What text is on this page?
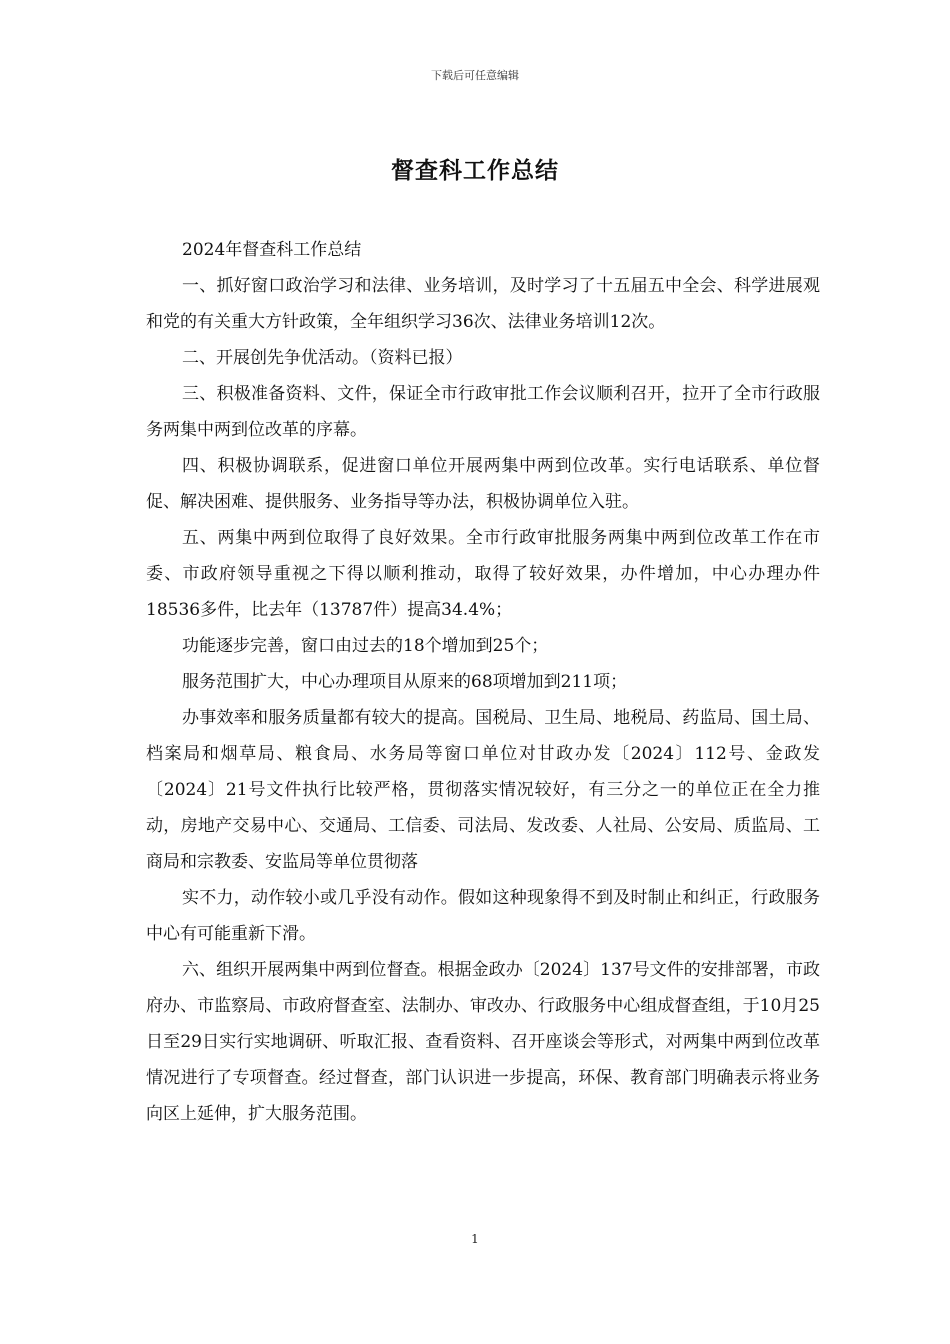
下载后可任意编辑
督查科工作总结

2024年督查科工作总结

一、抓好窗口政治学习和法律、业务培训，及时学习了十五届五中全会、科学进展观和党的有关重大方针政策，全年组织学习36次、法律业务培训12次。

二、开展创先争优活动。（资料已报）

三、积极准备资料、文件，保证全市行政审批工作会议顺利召开，拉开了全市行政服务两集中两到位改革的序幕。

四、积极协调联系，促进窗口单位开展两集中两到位改革。实行电话联系、单位督促、解决困难、提供服务、业务指导等办法，积极协调单位入驻。

五、两集中两到位取得了良好效果。全市行政审批服务两集中两到位改革工作在市委、市政府领导重视之下得以顺利推动，取得了较好效果，办件增加，中心办理办件18536多件，比去年（13787件）提高34.4%；

功能逐步完善，窗口由过去的18个增加到25个；

服务范围扩大，中心办理项目从原来的68项增加到211项；

办事效率和服务质量都有较大的提高。国税局、卫生局、地税局、药监局、国土局、档案局和烟草局、粮食局、水务局等窗口单位对甘政办发〔2024〕112号、金政发〔2024〕21号文件执行比较严格，贯彻落实情况较好，有三分之一的单位正在全力推动，房地产交易中心、交通局、工信委、司法局、发改委、人社局、公安局、质监局、工商局和宗教委、安监局等单位贯彻落

实不力，动作较小或几乎没有动作。假如这种现象得不到及时制止和纠正，行政服务中心有可能重新下滑。

六、组织开展两集中两到位督查。根据金政办〔2024〕137号文件的安排部署，市政府办、市监察局、市政府督查室、法制办、审改办、行政服务中心组成督查组，于10月25日至29日实行实地调研、听取汇报、查看资料、召开座谈会等形式，对两集中两到位改革情况进行了专项督查。经过督查，部门认识进一步提高，环保、教育部门明确表示将业务向区上延伸，扩大服务范围。

1
